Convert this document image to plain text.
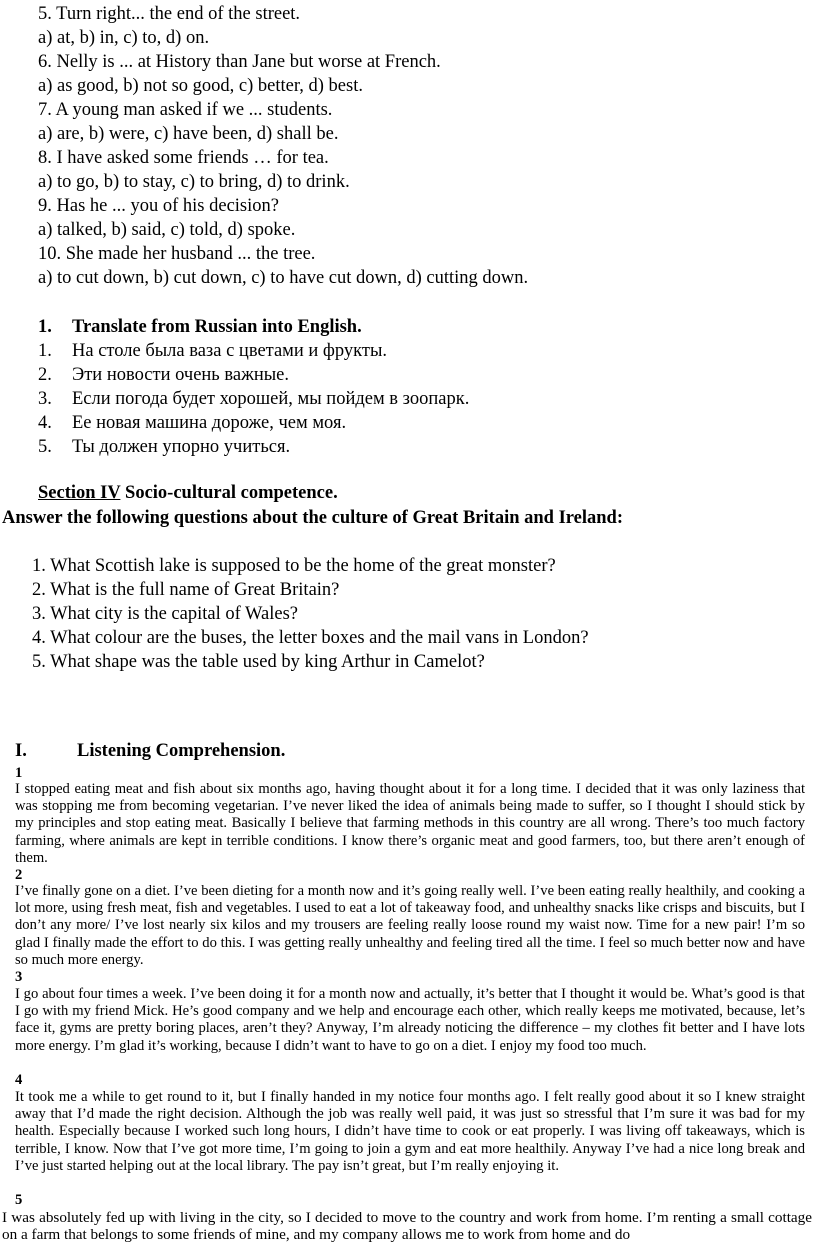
5. Turn right... the end of the street.
a) at, b) in, c) to, d) on.
6. Nelly is ... at History than Jane but worse at French.
a) as good, b) not so good, c) better, d) best.
7. A young man asked if we ... students.
a) are, b) were, c) have been, d) shall be.
8. I have asked some friends … for tea.
a) to go, b) to stay, c) to bring, d) to drink.
9. Has he ... you of his decision?
a) talked, b) said, c) told, d) spoke.
10. She made her husband ... the tree.
a) to cut down, b) cut down, c) to have cut down, d) cutting down.
1. Translate from Russian into English.
1. На столе была ваза с цветами и фрукты.
2. Эти новости очень важные.
3. Если погода будет хорошей, мы пойдем в зоопарк.
4. Ее новая машина дороже, чем моя.
5. Ты должен упорно учиться.
Section IV Socio-cultural competence.
Answer the following questions about the culture of Great Britain and Ireland:
1. What Scottish lake is supposed to be the home of the great monster?
2. What is the full name of Great Britain?
3. What city is the capital of Wales?
4. What colour are the buses, the letter boxes and the mail vans in London?
5. What shape was the table used by king Arthur in Camelot?
I.	Listening Comprehension.
1

I stopped eating meat and fish about six months ago, having thought about it for a long time. I decided that it was only laziness that was stopping me from becoming vegetarian. I’ve never liked the idea of animals being made to suffer, so I thought I should stick by my principles and stop eating meat. Basically I believe that farming methods in this country are all wrong. There’s too much factory farming, where animals are kept in terrible conditions. I know there’s organic meat and good farmers, too, but there aren’t enough of them.

2

I’ve finally gone on a diet. I’ve been dieting for a month now and it’s going really well. I’ve been eating really healthily, and cooking a lot more, using fresh meat, fish and vegetables. I used to eat a lot of takeaway food, and unhealthy snacks like crisps and biscuits, but I don’t any more/ I’ve lost nearly six kilos and my trousers are feeling really loose round my waist now. Time for a new pair! I’m so glad I finally made the effort to do this. I was getting really unhealthy and feeling tired all the time. I feel so much better now and have so much more energy.

3

I go about four times a week. I’ve been doing it for a month now and actually, it’s better that I thought it would be. What’s good is that I go with my friend Mick. He’s good company and we help and encourage each other, which really keeps me motivated, because, let’s face it, gyms are pretty boring places, aren’t they? Anyway, I’m already noticing the difference – my clothes fit better and I have lots more energy. I’m glad it’s working, because I didn’t want to have to go on a diet. I enjoy my food too much.

4

It took me a while to get round to it, but I finally handed in my notice four months ago. I felt really good about it so I knew straight away that I’d made the right decision. Although the job was really well paid, it was just so stressful that I’m sure it was bad for my health. Especially because I worked such long hours, I didn’t have time to cook or eat properly. I was living off takeaways, which is terrible, I know. Now that I’ve got more time, I’m going to join a gym and eat more healthily. Anyway I’ve had a nice long break and I’ve just started helping out at the local library. The pay isn’t great, but I’m really enjoying it.

5

I was absolutely fed up with living in the city, so I decided to move to the country and work from home. I’m renting a small cottage on a farm that belongs to some friends of mine, and my company allows me to work from home and do
